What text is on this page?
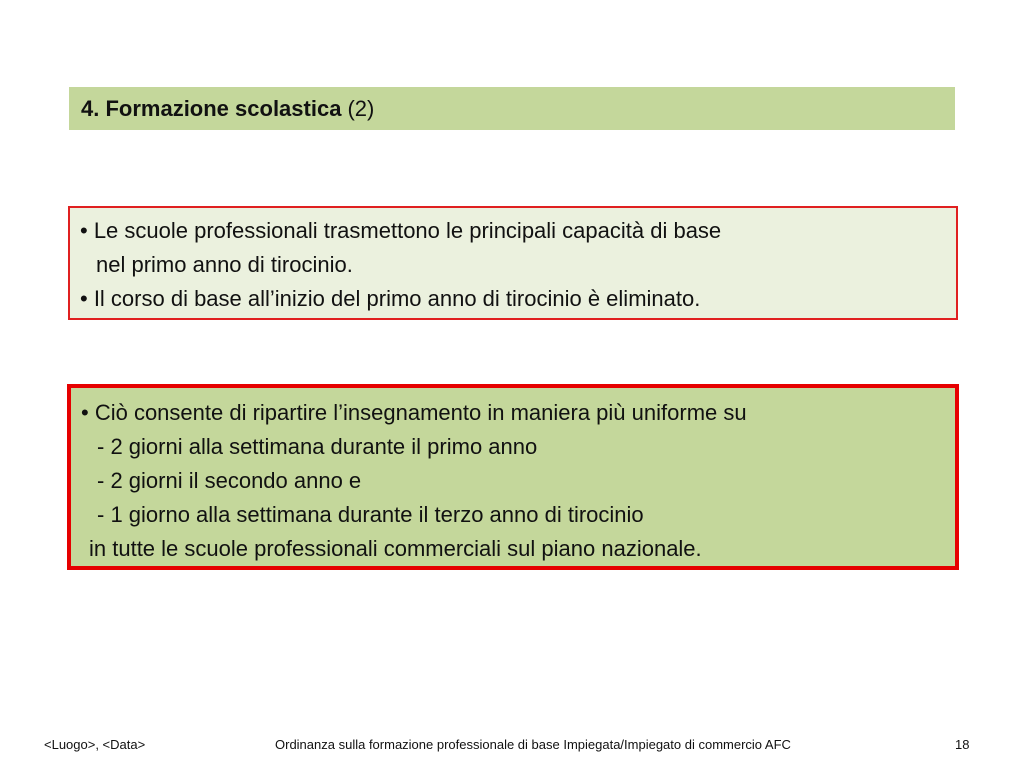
4. Formazione scolastica (2)
• Le scuole professionali trasmettono le principali capacità di base
nel primo anno di tirocinio.
• Il corso di base all’inizio del primo anno di tirocinio è eliminato.
• Ciò consente di ripartire l’insegnamento in maniera più uniforme su
- 2 giorni alla settimana durante il primo anno
- 2 giorni il secondo anno e
- 1 giorno alla settimana durante il terzo anno di tirocinio
in tutte le scuole professionali commerciali sul piano nazionale.
<Luogo>, <Data>	Ordinanza sulla formazione professionale di base Impiegata/Impiegato di commercio AFC	18
